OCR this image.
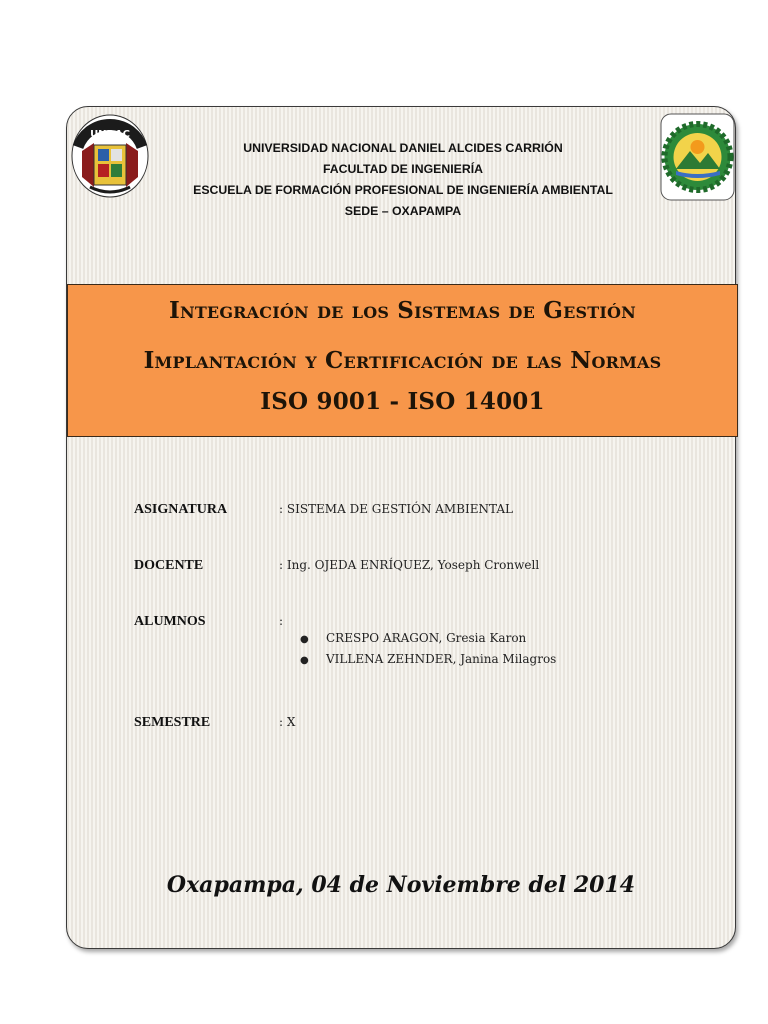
UNDAC
UNIVERSIDAD NACIONAL DANIEL ALCIDES CARRIÓN
FACULTAD DE INGENIERÍA
ESCUELA DE FORMACIÓN PROFESIONAL DE INGENIERÍA AMBIENTAL
SEDE – OXAPAMPA
Integración de los Sistemas de Gestión
Implantación y Certificación de las Normas
ISO 9001 - ISO 14001
ASIGNATURA	: SISTEMA DE GESTIÓN AMBIENTAL
DOCENTE	: Ing. OJEDA ENRÍQUEZ, Yoseph Cronwell
ALUMNOS	:
● CRESPO ARAGON, Gresia Karon
● VILLENA ZEHNDER, Janina Milagros
SEMESTRE	: X
Oxapampa, 04 de Noviembre del 2014
